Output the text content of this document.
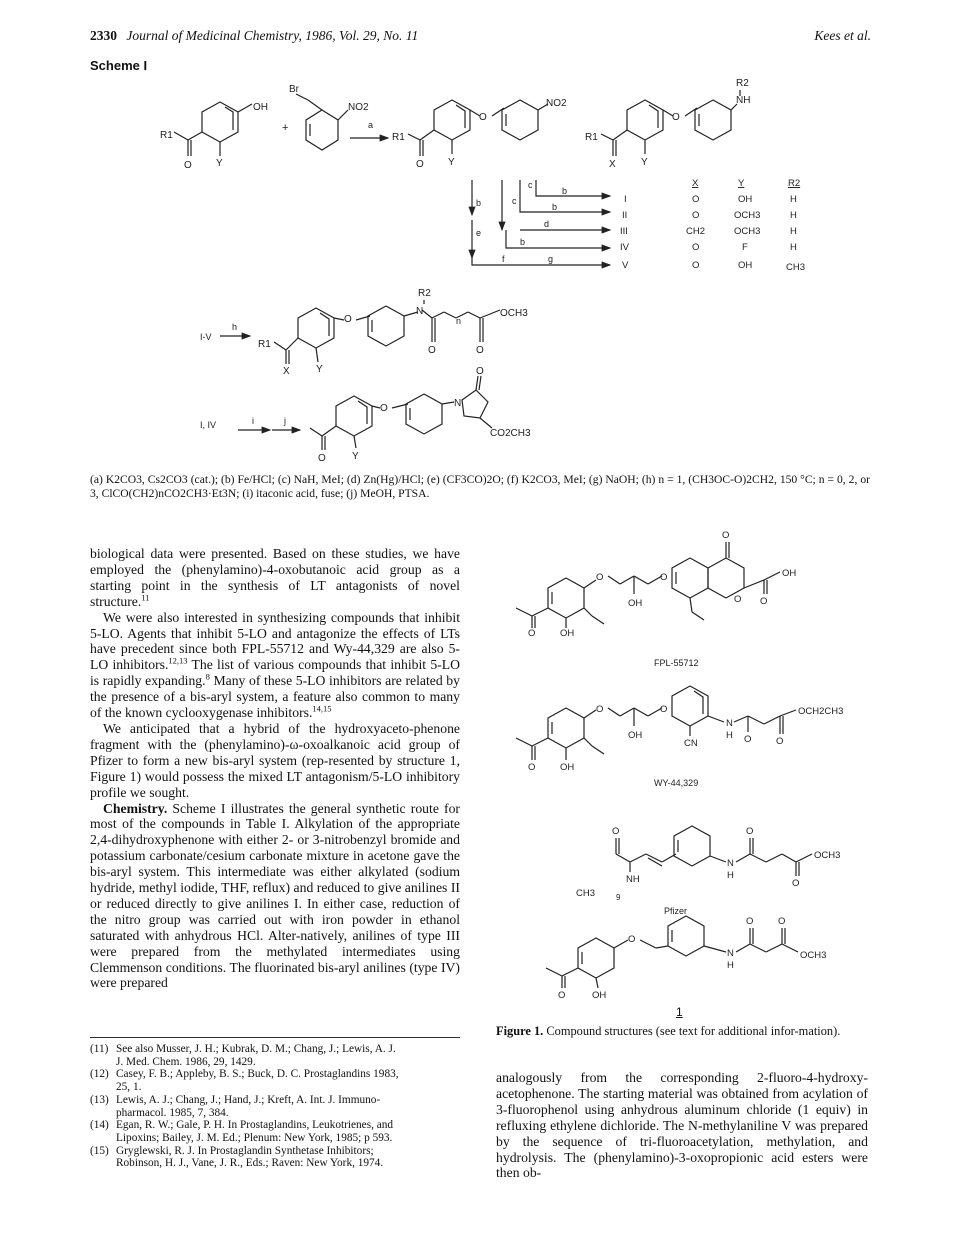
2330 Journal of Medicinal Chemistry, 1986, Vol. 29, No. 11	Kees et al.
Scheme I
OH
R1
O Y
+
Br
NO2
a
R1
O
NO2
O Y
R1
O
NH
R2
X	Y
b
e
c
c
b
b
d
b
f	g
X	Y	R2
I	O	OH	H
II	O	OCH3	H
III	CH2	OCH3	H
IV	O	F	H
V	O	OH	CH3
I-V
h
R1
O
N
R2
n
OCH3
O	O
X	Y
I, IV	i	j
O	N
O
CO2CH3
O	Y
(a) K2CO3, Cs2CO3 (cat.); (b) Fe/HCl; (c) NaH, MeI; (d) Zn(Hg)/HCl; (e) (CF3CO)2O; (f) K2CO3, MeI; (g) NaOH; (h) n = 1, (CH3OC-O)2CH2, 150 °C; n = 0, 2, or 3, ClCO(CH2)nCO2CH3·Et3N; (i) itaconic acid, fuse; (j) MeOH, PTSA.

biological data were presented. Based on these studies, we have employed the (phenylamino)-4-oxobutanoic acid group as a starting point in the synthesis of LT antagonists of novel structure.$^{11}$

We were also interested in synthesizing compounds that inhibit 5-LO. Agents that inhibit 5-LO and antagonize the effects of LTs have precedent since both FPL-55712 and Wy-44,329 are also 5-LO inhibitors.$^{12,13}$ The list of various compounds that inhibit 5-LO is rapidly expanding.$^8$ Many of these 5-LO inhibitors are related by the presence of a bis-aryl system, a feature also common to many of the known cyclooxygenase inhibitors.$^{14,15}$

We anticipated that a hybrid of the hydroxyaceto-phenone fragment with the (phenylamino)-ω-oxoalkanoic acid group of Pfizer to form a new bis-aryl system (rep-resented by structure 1, Figure 1) would possess the mixed LT antagonism/5-LO inhibitory profile we sought.

Chemistry. Scheme I illustrates the general synthetic route for most of the compounds in Table I. Alkylation of the appropriate 2,4-dihydroxyphenone with either 2- or 3-nitrobenzyl bromide and potassium carbonate/cesium carbonate mixture in acetone gave the bis-aryl system. This intermediate was either alkylated (sodium hydride, methyl iodide, THF, reflux) and reduced to give anilines II or reduced directly to give anilines I. In either case, reduction of the nitro group was carried out with iron powder in ethanol saturated with anhydrous HCl. Alter-natively, anilines of type III were prepared from the methylated intermediates using Clemmenson conditions. The fluorinated bis-aryl anilines (type IV) were prepared

(11) See also Musser, J. H.; Kubrak, D. M.; Chang, J.; Lewis, A. J.
J. Med. Chem. 1986, 29, 1429.
(12) Casey, F. B.; Appleby, B. S.; Buck, D. C. Prostaglandins 1983,
25, 1.
(13) Lewis, A. J.; Chang, J.; Hand, J.; Kreft, A. Int. J. Immuno-
pharmacol. 1985, 7, 384.
(14) Egan, R. W.; Gale, P. H. In Prostaglandins, Leukotrienes, and
Lipoxins; Bailey, J. M. Ed.; Plenum: New York, 1985; p 593.
(15) Gryglewski, R. J. In Prostaglandin Synthetase Inhibitors;
Robinson, H. J., Vane, J. R., Eds.; Raven: New York, 1974.
O
OH
O
O
O
OH
O
O	OH
FPL-55712
O
OH
O
CN
N
H O
OCH2CH3
O
O	OH
WY-44,329
O
NH
CH3	9
N
H
O
OCH3
O
Pfizer
O
N
H
O	O
OCH3
O	OH
1
Figure 1. Compound structures (see text for additional infor-mation).

analogously from the corresponding 2-fluoro-4-hydroxy-acetophenone. The starting material was obtained from acylation of 3-fluorophenol using anhydrous aluminum chloride (1 equiv) in refluxing ethylene dichloride. The N-methylaniline V was prepared by the sequence of tri-fluoroacetylation, methylation, and hydrolysis. The (phenylamino)-3-oxopropionic acid esters were then ob-
